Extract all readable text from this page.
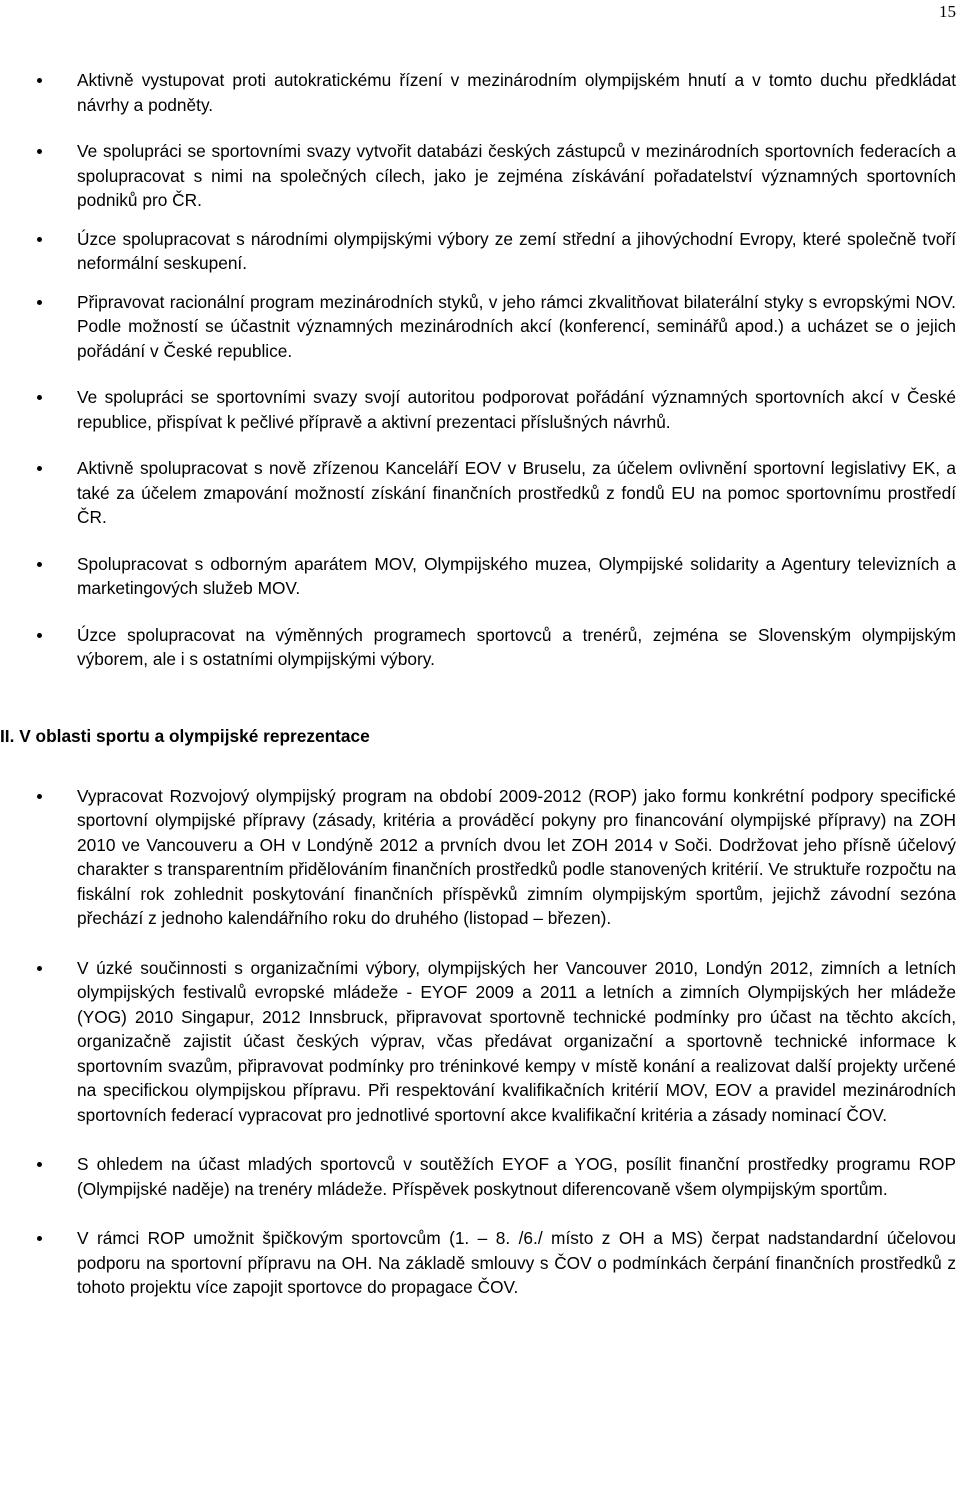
15
Aktivně vystupovat proti autokratickému řízení v mezinárodním olympijském hnutí a v tomto duchu předkládat návrhy a podněty.
Ve spolupráci se sportovními svazy vytvořit databázi českých zástupců v mezinárodních sportovních federacích a spolupracovat s nimi na společných cílech, jako je zejména získávání pořadatelství významných sportovních podniků pro ČR.
Úzce spolupracovat s národními olympijskými výbory ze zemí střední a jihovýchodní Evropy, které společně tvoří neformální seskupení.
Připravovat racionální program mezinárodních styků, v jeho rámci zkvalitňovat bilaterální styky s evropskými NOV. Podle možností se účastnit významných mezinárodních akcí (konferencí, seminářů apod.) a ucházet se o jejich pořádání v České republice.
Ve spolupráci se sportovními svazy svojí autoritou podporovat pořádání významných sportovních akcí v České republice, přispívat k pečlivé přípravě a aktivní prezentaci příslušných návrhů.
Aktivně spolupracovat s nově zřízenou Kanceláří EOV v Bruselu, za účelem ovlivnění sportovní legislativy EK, a také za účelem zmapování možností získání finančních prostředků z fondů EU na pomoc sportovnímu prostředí ČR.
Spolupracovat s odborným aparátem MOV, Olympijského muzea, Olympijské solidarity a Agentury televizních a marketingových služeb MOV.
Úzce spolupracovat na výměnných programech sportovců a trenérů, zejména se Slovenským olympijským výborem, ale i s ostatními olympijskými výbory.
II. V oblasti sportu a olympijské reprezentace
Vypracovat Rozvojový olympijský program na období 2009-2012 (ROP) jako formu konkrétní podpory specifické sportovní olympijské přípravy (zásady, kritéria a prováděcí pokyny pro financování olympijské přípravy) na ZOH 2010 ve Vancouveru a OH v Londýně 2012 a prvních dvou let ZOH 2014 v Soči. Dodržovat jeho přísně účelový charakter s transparentním přidělováním finančních prostředků podle stanovených kritérií. Ve struktuře rozpočtu na fiskální rok zohlednit poskytování finančních příspěvků zimním olympijským sportům, jejichž závodní sezóna přechází z jednoho kalendářního roku do druhého (listopad – březen).
V úzké součinnosti s organizačními výbory, olympijských her Vancouver 2010, Londýn 2012, zimních a letních olympijských festivalů evropské mládeže - EYOF 2009 a 2011 a letních a zimních Olympijských her mládeže (YOG) 2010 Singapur, 2012 Innsbruck, připravovat sportovně technické podmínky pro účast na těchto akcích, organizačně zajistit účast českých výprav, včas předávat organizační a sportovně technické informace k sportovním svazům, připravovat podmínky pro tréninkové kempy v místě konání a realizovat další projekty určené na specifickou olympijskou přípravu. Při respektování kvalifikačních kritérií MOV, EOV a pravidel mezinárodních sportovních federací vypracovat pro jednotlivé sportovní akce kvalifikační kritéria a zásady nominací ČOV.
S ohledem na účast mladých sportovců v soutěžích EYOF a YOG, posílit finanční prostředky programu ROP (Olympijské naděje) na trenéry mládeže. Příspěvek poskytnout diferencovaně všem olympijským sportům.
V rámci ROP umožnit špičkovým sportovcům (1. – 8. /6./ místo z OH a MS) čerpat nadstandardní účelovou podporu na sportovní přípravu na OH. Na základě smlouvy s ČOV o podmínkách čerpání finančních prostředků z tohoto projektu více zapojit sportovce do propagace ČOV.
